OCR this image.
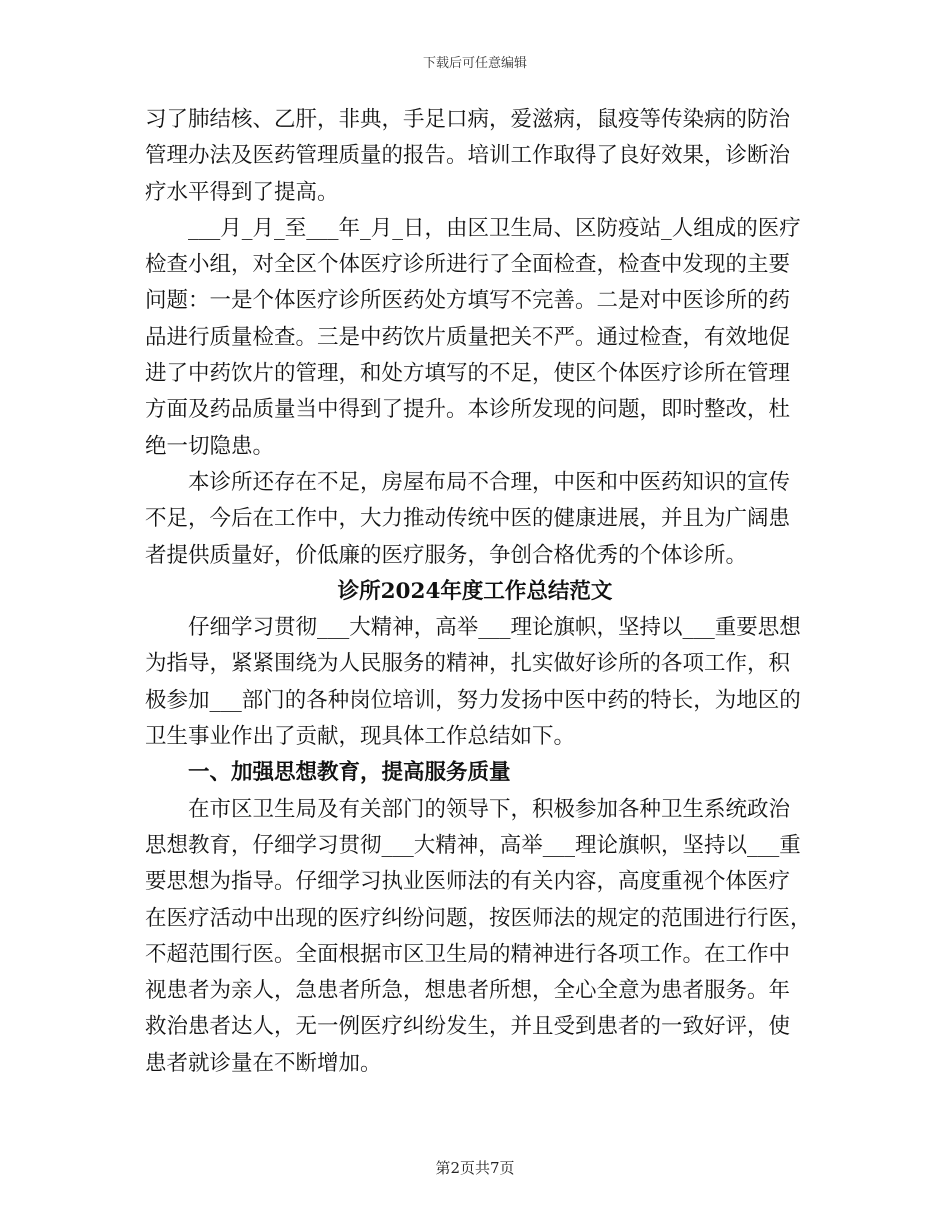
下载后可任意编辑
习了肺结核、乙肝，非典，手足口病，爱滋病，鼠疫等传染病的防治
管理办法及医药管理质量的报告。培训工作取得了良好效果，诊断治
疗水平得到了提高。
___月_月_至___年_月_日，由区卫生局、区防疫站_人组成的医疗
检查小组，对全区个体医疗诊所进行了全面检查，检查中发现的主要
问题：一是个体医疗诊所医药处方填写不完善。二是对中医诊所的药
品进行质量检查。三是中药饮片质量把关不严。通过检查，有效地促
进了中药饮片的管理，和处方填写的不足，使区个体医疗诊所在管理
方面及药品质量当中得到了提升。本诊所发现的问题，即时整改，杜
绝一切隐患。
本诊所还存在不足，房屋布局不合理，中医和中医药知识的宣传
不足，今后在工作中，大力推动传统中医的健康进展，并且为广阔患
者提供质量好，价低廉的医疗服务，争创合格优秀的个体诊所。
诊所2024年度工作总结范文
仔细学习贯彻___大精神，高举___理论旗帜，坚持以___重要思想
为指导，紧紧围绕为人民服务的精神，扎实做好诊所的各项工作，积
极参加___部门的各种岗位培训，努力发扬中医中药的特长，为地区的
卫生事业作出了贡献，现具体工作总结如下。
一、加强思想教育，提高服务质量
在市区卫生局及有关部门的领导下，积极参加各种卫生系统政治
思想教育，仔细学习贯彻___大精神，高举___理论旗帜，坚持以___重
要思想为指导。仔细学习执业医师法的有关内容，高度重视个体医疗
在医疗活动中出现的医疗纠纷问题，按医师法的规定的范围进行行医，
不超范围行医。全面根据市区卫生局的精神进行各项工作。在工作中
视患者为亲人，急患者所急，想患者所想，全心全意为患者服务。年
救治患者达人，无一例医疗纠纷发生，并且受到患者的一致好评，使
患者就诊量在不断增加。
第2页共7页
